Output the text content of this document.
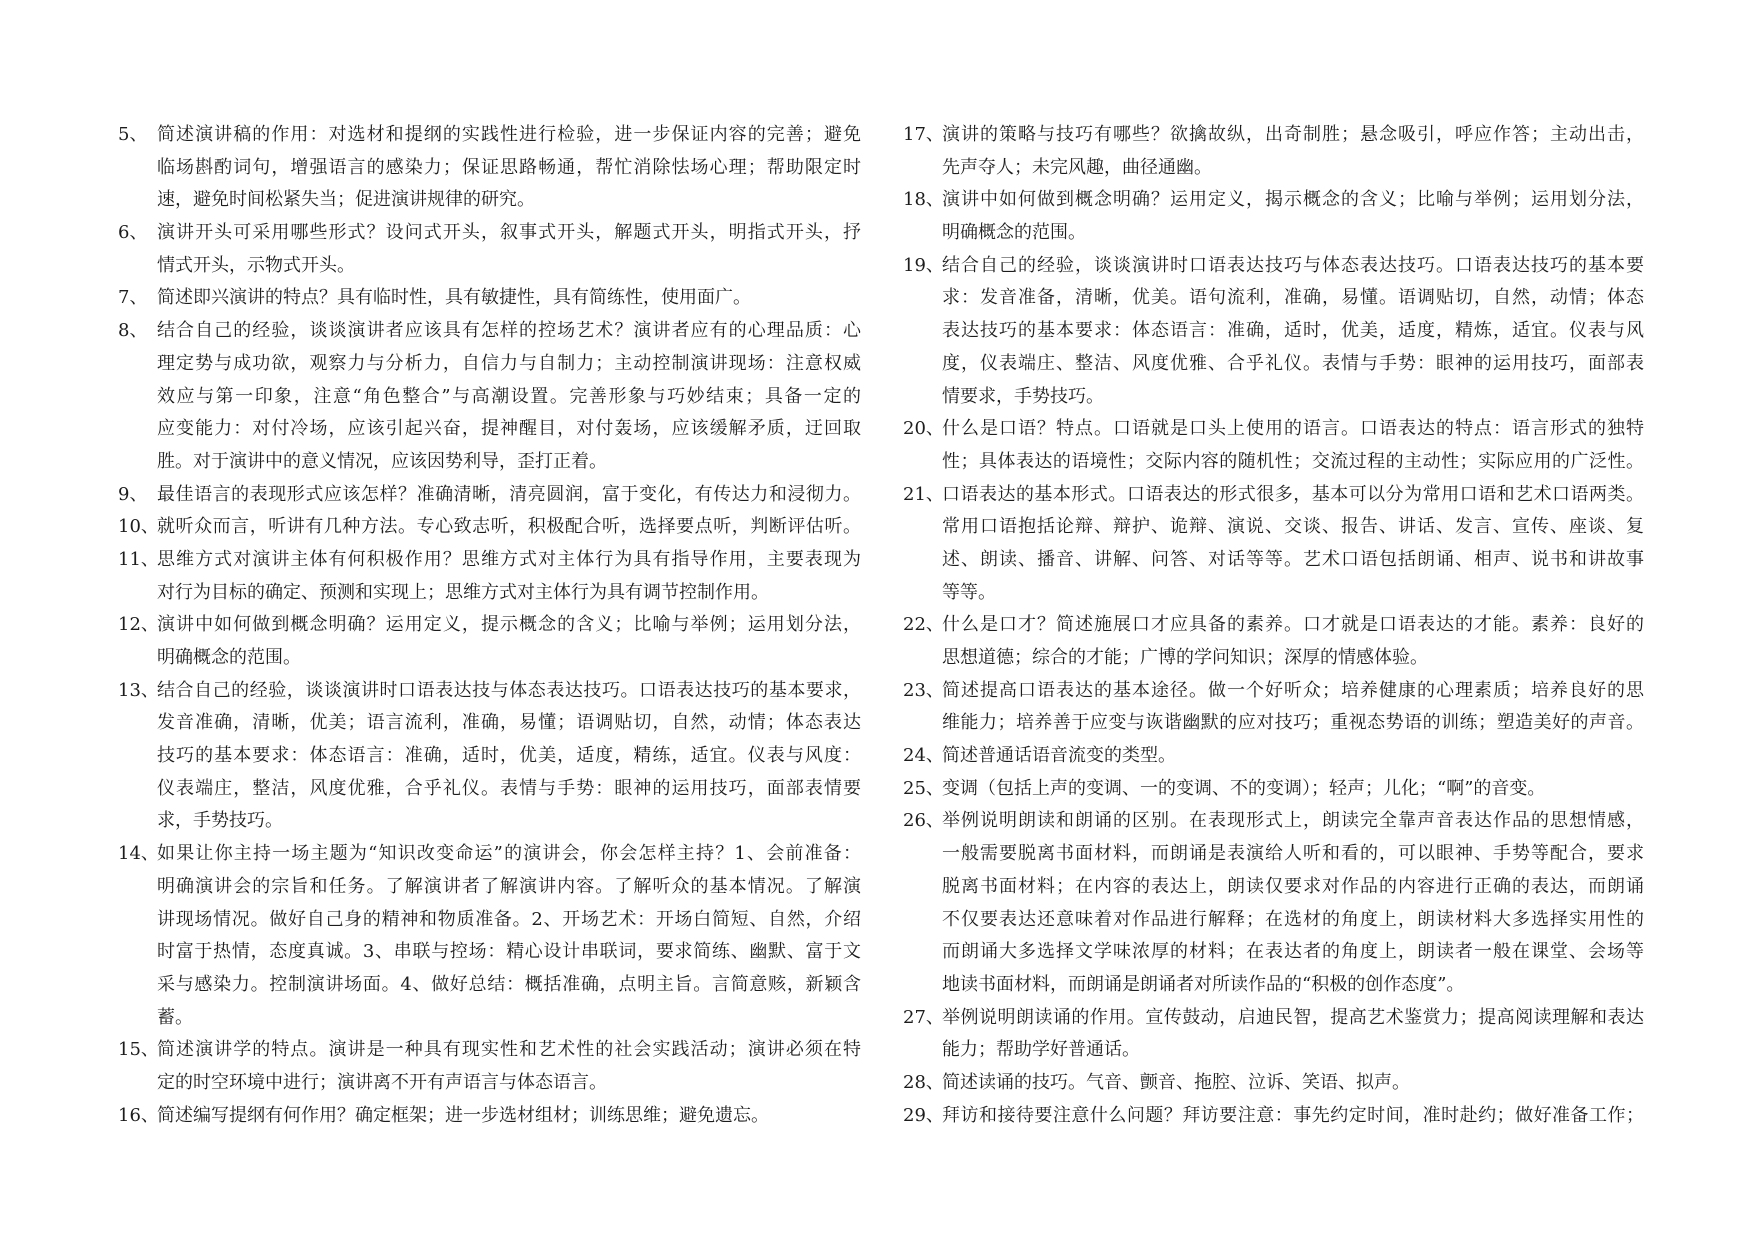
5、 简述演讲稿的作用：对选材和提纲的实践性进行检验，进一步保证内容的完善；避免
临场斟酌词句，增强语言的感染力；保证思路畅通，帮忙消除怯场心理；帮助限定时
速，避免时间松紧失当；促进演讲规律的研究。
6、 演讲开头可采用哪些形式？设问式开头，叙事式开头，解题式开头，明指式开头，抒
情式开头，示物式开头。
7、 简述即兴演讲的特点？具有临时性，具有敏捷性，具有简练性，使用面广。
8、 结合自己的经验，谈谈演讲者应该具有怎样的控场艺术？演讲者应有的心理品质：心
理定势与成功欲，观察力与分析力，自信力与自制力；主动控制演讲现场：注意权威
效应与第一印象，注意“角色整合”与高潮设置。完善形象与巧妙结束；具备一定的
应变能力：对付冷场，应该引起兴奋，提神醒目，对付轰场，应该缓解矛质，迂回取
胜。对于演讲中的意义情况，应该因势利导，歪打正着。
9、 最佳语言的表现形式应该怎样？准确清晰，清亮圆润，富于变化，有传达力和浸彻力。
10、
就听众而言，听讲有几种方法。专心致志听，积极配合听，选择要点听，判断评估听。
11、
思维方式对演讲主体有何积极作用？思维方式对主体行为具有指导作用，主要表现为
对行为目标的确定、预测和实现上；思维方式对主体行为具有调节控制作用。
12、
演讲中如何做到概念明确？运用定义，提示概念的含义；比喻与举例；运用划分法，
明确概念的范围。
13、
结合自己的经验，谈谈演讲时口语表达技与体态表达技巧。口语表达技巧的基本要求，
发音准确，清晰，优美；语言流利，准确，易懂；语调贴切，自然，动情；体态表达
技巧的基本要求：体态语言：准确，适时，优美，适度，精练，适宜。仪表与风度：
仪表端庄，整洁，风度优雅，合乎礼仪。表情与手势：眼神的运用技巧，面部表情要
求，手势技巧。
14、
如果让你主持一场主题为“知识改变命运”的演讲会，你会怎样主持？1、会前准备：
明确演讲会的宗旨和任务。了解演讲者了解演讲内容。了解听众的基本情况。了解演
讲现场情况。做好自己身的精神和物质准备。2、开场艺术：开场白简短、自然，介绍
时富于热情，态度真诚。3、串联与控场：精心设计串联词，要求简练、幽默、富于文
采与感染力。控制演讲场面。4、做好总结：概括准确，点明主旨。言简意赅，新颖含
蓄。
15、
简述演讲学的特点。演讲是一种具有现实性和艺术性的社会实践活动；演讲必须在特
定的时空环境中进行；演讲离不开有声语言与体态语言。
16、
简述编写提纲有何作用？确定框架；进一步选材组材；训练思维；避免遗忘。
17、
演讲的策略与技巧有哪些？欲擒故纵，出奇制胜；悬念吸引，呼应作答；主动出击，
先声夺人；未完风趣，曲径通幽。
18、
演讲中如何做到概念明确？运用定义，揭示概念的含义；比喻与举例；运用划分法，
明确概念的范围。
19、
结合自己的经验，谈谈演讲时口语表达技巧与体态表达技巧。口语表达技巧的基本要
求：发音准备，清晰，优美。语句流利，准确，易懂。语调贴切，自然，动情；体态
表达技巧的基本要求：体态语言：准确，适时，优美，适度，精炼，适宜。仪表与风
度，仪表端庄、整洁、风度优雅、合乎礼仪。表情与手势：眼神的运用技巧，面部表
情要求，手势技巧。
20、
什么是口语？特点。口语就是口头上使用的语言。口语表达的特点：语言形式的独特
性；具体表达的语境性；交际内容的随机性；交流过程的主动性；实际应用的广泛性。
21、
口语表达的基本形式。口语表达的形式很多，基本可以分为常用口语和艺术口语两类。
常用口语抱括论辩、辩护、诡辩、演说、交谈、报告、讲话、发言、宣传、座谈、复
述、朗读、播音、讲解、问答、对话等等。艺术口语包括朗诵、相声、说书和讲故事
等等。
22、
什么是口才？简述施展口才应具备的素养。口才就是口语表达的才能。素养：良好的
思想道德；综合的才能；广博的学问知识；深厚的情感体验。
23、
简述提高口语表达的基本途径。做一个好听众；培养健康的心理素质；培养良好的思
维能力；培养善于应变与诙谐幽默的应对技巧；重视态势语的训练；塑造美好的声音。
24、
简述普通话语音流变的类型。
25、
变调（包括上声的变调、一的变调、不的变调）；轻声；儿化；“啊”的音变。
26、
举例说明朗读和朗诵的区别。在表现形式上，朗读完全靠声音表达作品的思想情感，
一般需要脱离书面材料，而朗诵是表演给人听和看的，可以眼神、手势等配合，要求
脱离书面材料；在内容的表达上，朗读仅要求对作品的内容进行正确的表达，而朗诵
不仅要表达还意味着对作品进行解释；在选材的角度上，朗读材料大多选择实用性的
而朗诵大多选择文学味浓厚的材料；在表达者的角度上，朗读者一般在课堂、会场等
地读书面材料，而朗诵是朗诵者对所读作品的“积极的创作态度”。
27、
举例说明朗读诵的作用。宣传鼓动，启迪民智，提高艺术鉴赏力；提高阅读理解和表达
能力；帮助学好普通话。
28、
简述读诵的技巧。气音、颤音、拖腔、泣诉、笑语、拟声。
29、
拜访和接待要注意什么问题？拜访要注意：事先约定时间，准时赴约；做好准备工作；
